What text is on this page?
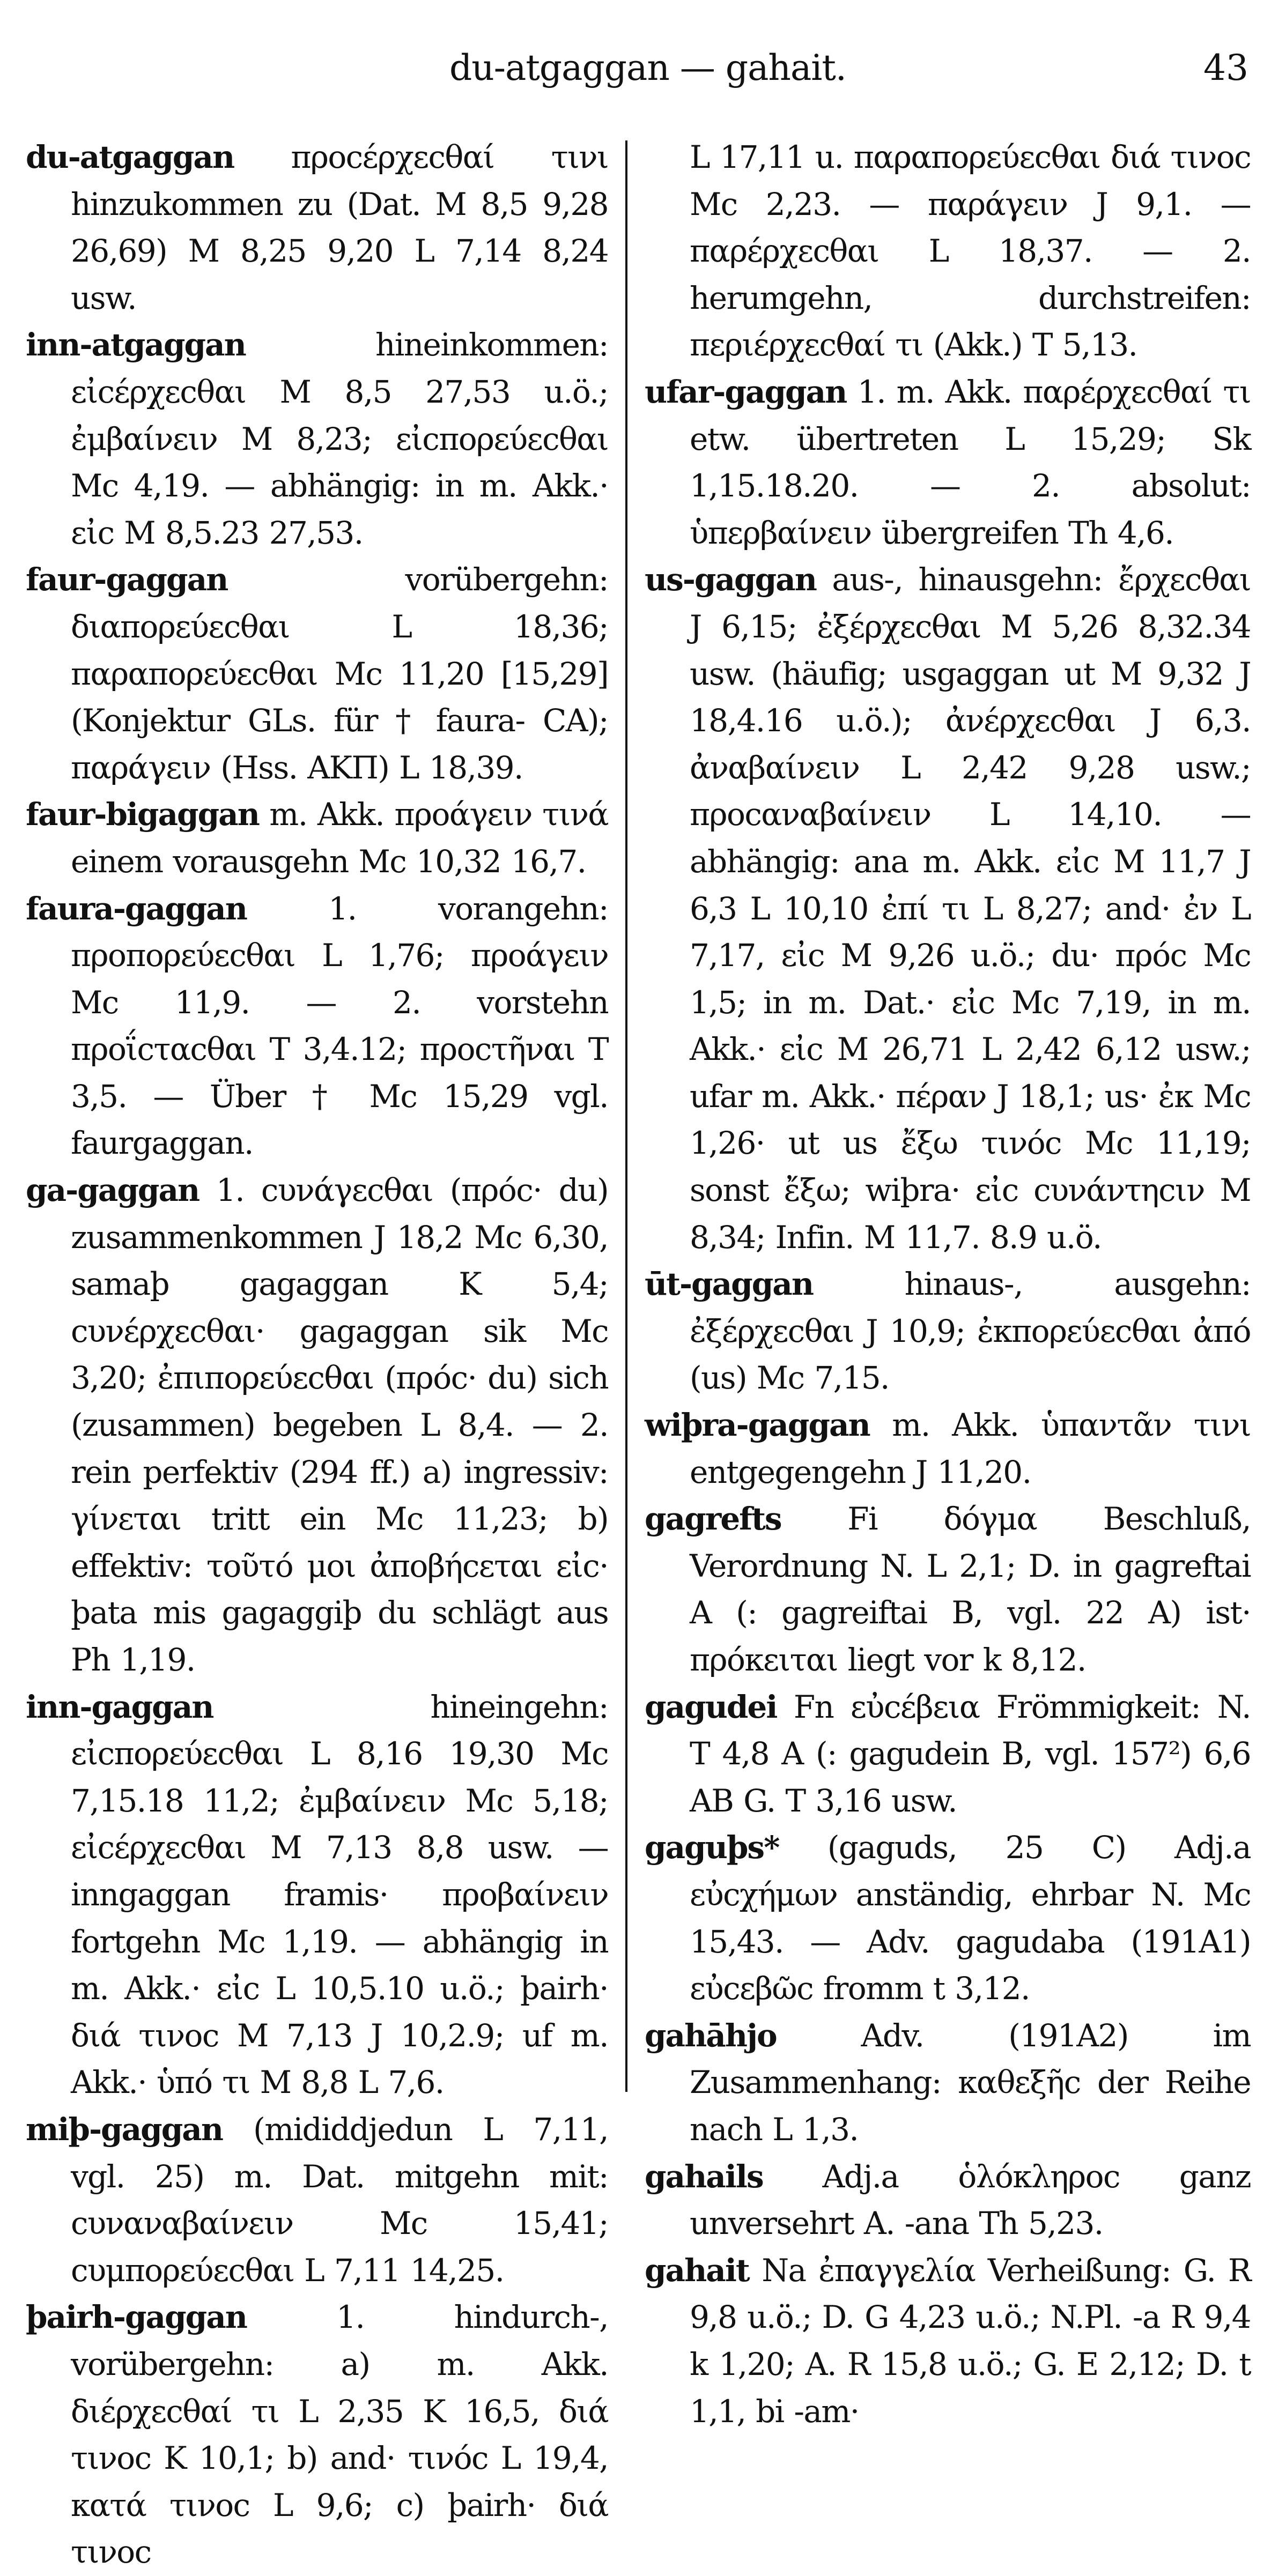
du-atgaggan — gahait.	43

du-atgaggan προcέρχεcθαί τινι hinzukommen zu (Dat. M 8,5 9,28 26,69) M 8,25 9,20 L 7,14 8,24 usw.

inn-atgaggan hineinkommen: εἰcέρχεcθαι M 8,5 27,53 u.ö.; ἐμβαίνειν M 8,23; εἰcπορεύεcθαι Mc 4,19. — abhängig: in m. Akk.· εἰc M 8,5.23 27,53.

faur-gaggan vorübergehn: διαπορεύεcθαι L 18,36; παραπορεύεcθαι Mc 11,20 [15,29] (Konjektur GLs. für † faura- CA); παράγειν (Hss. AKΠ) L 18,39.

faur-bigaggan m. Akk. προάγειν τινά einem vorausgehn Mc 10,32 16,7.

faura-gaggan 1. vorangehn: προπορεύεcθαι L 1,76; προάγειν Mc 11,9. — 2. vorstehn προΐcταcθαι T 3,4.12; προcτῆναι T 3,5. — Über † Mc 15,29 vgl. faurgaggan.

ga-gaggan 1. cυνάγεcθαι (πρόc· du) zusammenkommen J 18,2 Mc 6,30, samaþ gagaggan K 5,4; cυνέρχεcθαι· gagaggan sik Mc 3,20; ἐπιπορεύεcθαι (πρόc· du) sich (zusammen) begeben L 8,4. — 2. rein perfektiv (294 ff.) a) ingressiv: γίνεται tritt ein Mc 11,23; b) effektiv: τοῦτό μοι ἀποβήcεται εἰc· þata mis gagaggiþ du schlägt aus Ph 1,19.

inn-gaggan hineingehn: εἰcπορεύεcθαι L 8,16 19,30 Mc 7,15.18 11,2; ἐμβαίνειν Mc 5,18; εἰcέρχεcθαι M 7,13 8,8 usw. — inngaggan framis· προβαίνειν fortgehn Mc 1,19. — abhängig in m. Akk.· εἰc L 10,5.10 u.ö.; þairh· διά τινοc M 7,13 J 10,2.9; uf m. Akk.· ὑπό τι M 8,8 L 7,6.

miþ-gaggan (mididdjedun L 7,11, vgl. 25) m. Dat. mitgehn mit: cυναναβαίνειν Mc 15,41; cυμπορεύεcθαι L 7,11 14,25.

þairh-gaggan 1. hindurch-, vorübergehn: a) m. Akk. διέρχεcθαί τι L 2,35 K 16,5, διά τινοc K 10,1; b) and· τινόc L 19,4, κατά τινοc L 9,6; c) þairh· διά τινοc

L 17,11 u. παραπορεύεcθαι διά τινοc Mc 2,23. — παράγειν J 9,1. — παρέρχεcθαι L 18,37. — 2. herumgehn, durchstreifen: περιέρχεcθαί τι (Akk.) T 5,13.

ufar-gaggan 1. m. Akk. παρέρχεcθαί τι etw. übertreten L 15,29; Sk 1,15.18.20. — 2. absolut: ὑπερβαίνειν übergreifen Th 4,6.

us-gaggan aus-, hinausgehn: ἔρχεcθαι J 6,15; ἐξέρχεcθαι M 5,26 8,32.34 usw. (häufig; usgaggan ut M 9,32 J 18,4.16 u.ö.); ἀνέρχεcθαι J 6,3. ἀναβαίνειν L 2,42 9,28 usw.; προcαναβαίνειν L 14,10. — abhängig: ana m. Akk. εἰc M 11,7 J 6,3 L 10,10 ἐπί τι L 8,27; and· ἐν L 7,17, εἰc M 9,26 u.ö.; du· πρόc Mc 1,5; in m. Dat.· εἰc Mc 7,19, in m. Akk.· εἰc M 26,71 L 2,42 6,12 usw.; ufar m. Akk.· πέραν J 18,1; us· ἐκ Mc 1,26· ut us ἔξω τινόc Mc 11,19; sonst ἔξω; wiþra· εἰc cυνάντηcιν M 8,34; Infin. M 11,7. 8.9 u.ö.

ūt-gaggan hinaus-, ausgehn: ἐξέρχεcθαι J 10,9; ἐκπορεύεcθαι ἀπό (us) Mc 7,15.

wiþra-gaggan m. Akk. ὑπαντᾶν τινι entgegengehn J 11,20.

gagrefts Fi δόγμα Beschluß, Verordnung N. L 2,1; D. in gagreftai A (: gagreiftai B, vgl. 22 A) ist· πρόκειται liegt vor k 8,12.

gagudei Fn εὐcέβεια Frömmigkeit: N. T 4,8 A (: gagudein B, vgl. 157²) 6,6 AB G. T 3,16 usw.

gaguþs* (gaguds, 25 C) Adj.a εὐcχήμων anständig, ehrbar N. Mc 15,43. — Adv. gagudaba (191A1) εὐcεβῶc fromm t 3,12.

gahāhjo Adv. (191A2) im Zusammenhang: καθεξῆc der Reihe nach L 1,3.

gahails Adj.a ὁλόκληροc ganz unversehrt A. -ana Th 5,23.

gahait Na ἐπαγγελία Verheißung: G. R 9,8 u.ö.; D. G 4,23 u.ö.; N.Pl. -a R 9,4 k 1,20; A. R 15,8 u.ö.; G. E 2,12; D. t 1,1, bi -am·
